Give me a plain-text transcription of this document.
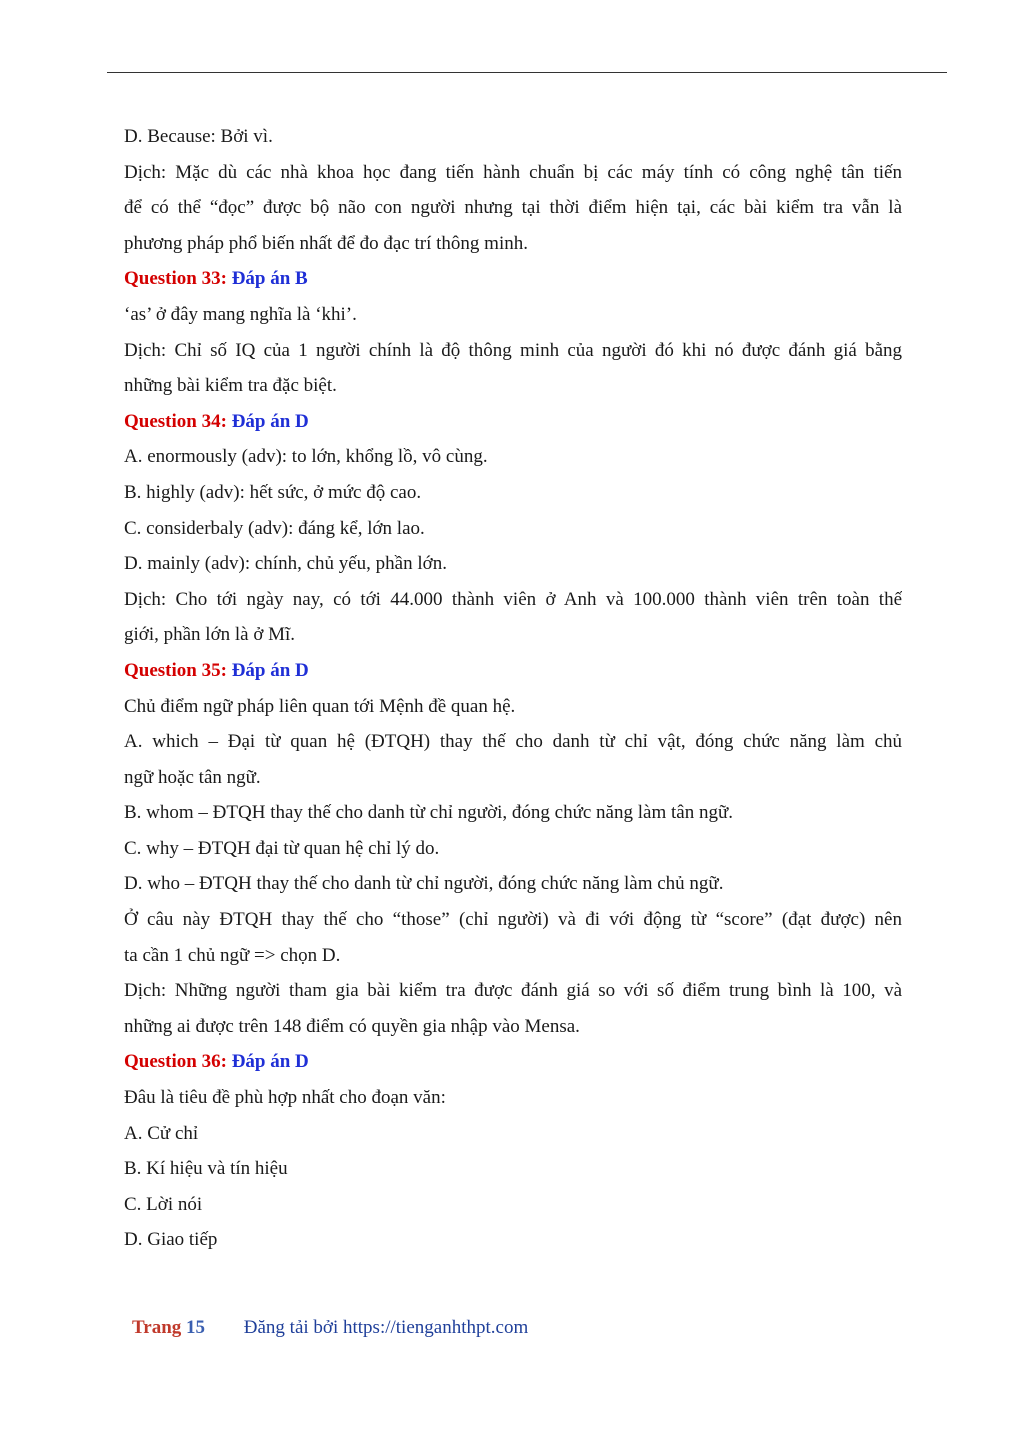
D. Because: Bởi vì.
Dịch: Mặc dù các nhà khoa học đang tiến hành chuẩn bị các máy tính có công nghệ tân tiến
để có thể “đọc” được bộ não con người nhưng tại thời điểm hiện tại, các bài kiểm tra vẫn là
phương pháp phổ biến nhất để đo đạc trí thông minh.
Question 33: Đáp án B
‘as’ ở đây mang nghĩa là ‘khi’.
Dịch: Chỉ số IQ của 1 người chính là độ thông minh của người đó khi nó được đánh giá bằng
những bài kiểm tra đặc biệt.
Question 34: Đáp án D
A. enormously (adv): to lớn, khổng lồ, vô cùng.
B. highly (adv): hết sức, ở mức độ cao.
C. considerbaly (adv): đáng kể, lớn lao.
D. mainly (adv): chính, chủ yếu, phần lớn.
Dịch: Cho tới ngày nay, có tới 44.000 thành viên ở Anh và 100.000 thành viên trên toàn thế
giới, phần lớn là ở Mĩ.
Question 35: Đáp án D
Chủ điểm ngữ pháp liên quan tới Mệnh đề quan hệ.
A. which – Đại từ quan hệ (ĐTQH) thay thế cho danh từ chỉ vật, đóng chức năng làm chủ
ngữ hoặc tân ngữ.
B. whom – ĐTQH thay thế cho danh từ chỉ người, đóng chức năng làm tân ngữ.
C. why – ĐTQH đại từ quan hệ chỉ lý do.
D. who – ĐTQH thay thế cho danh từ chỉ người, đóng chức năng làm chủ ngữ.
Ở câu này ĐTQH thay thế cho “those” (chỉ người) và đi với động từ “score” (đạt được) nên
ta cần 1 chủ ngữ => chọn D.
Dịch: Những người tham gia bài kiểm tra được đánh giá so với số điểm trung bình là 100, và
những ai được trên 148 điểm có quyền gia nhập vào Mensa.
Question 36: Đáp án D
Đâu là tiêu đề phù hợp nhất cho đoạn văn:
A. Cử chỉ
B. Kí hiệu và tín hiệu
C. Lời nói
D. Giao tiếp
Trang 15 Đăng tải bởi https://tienganhthpt.com
